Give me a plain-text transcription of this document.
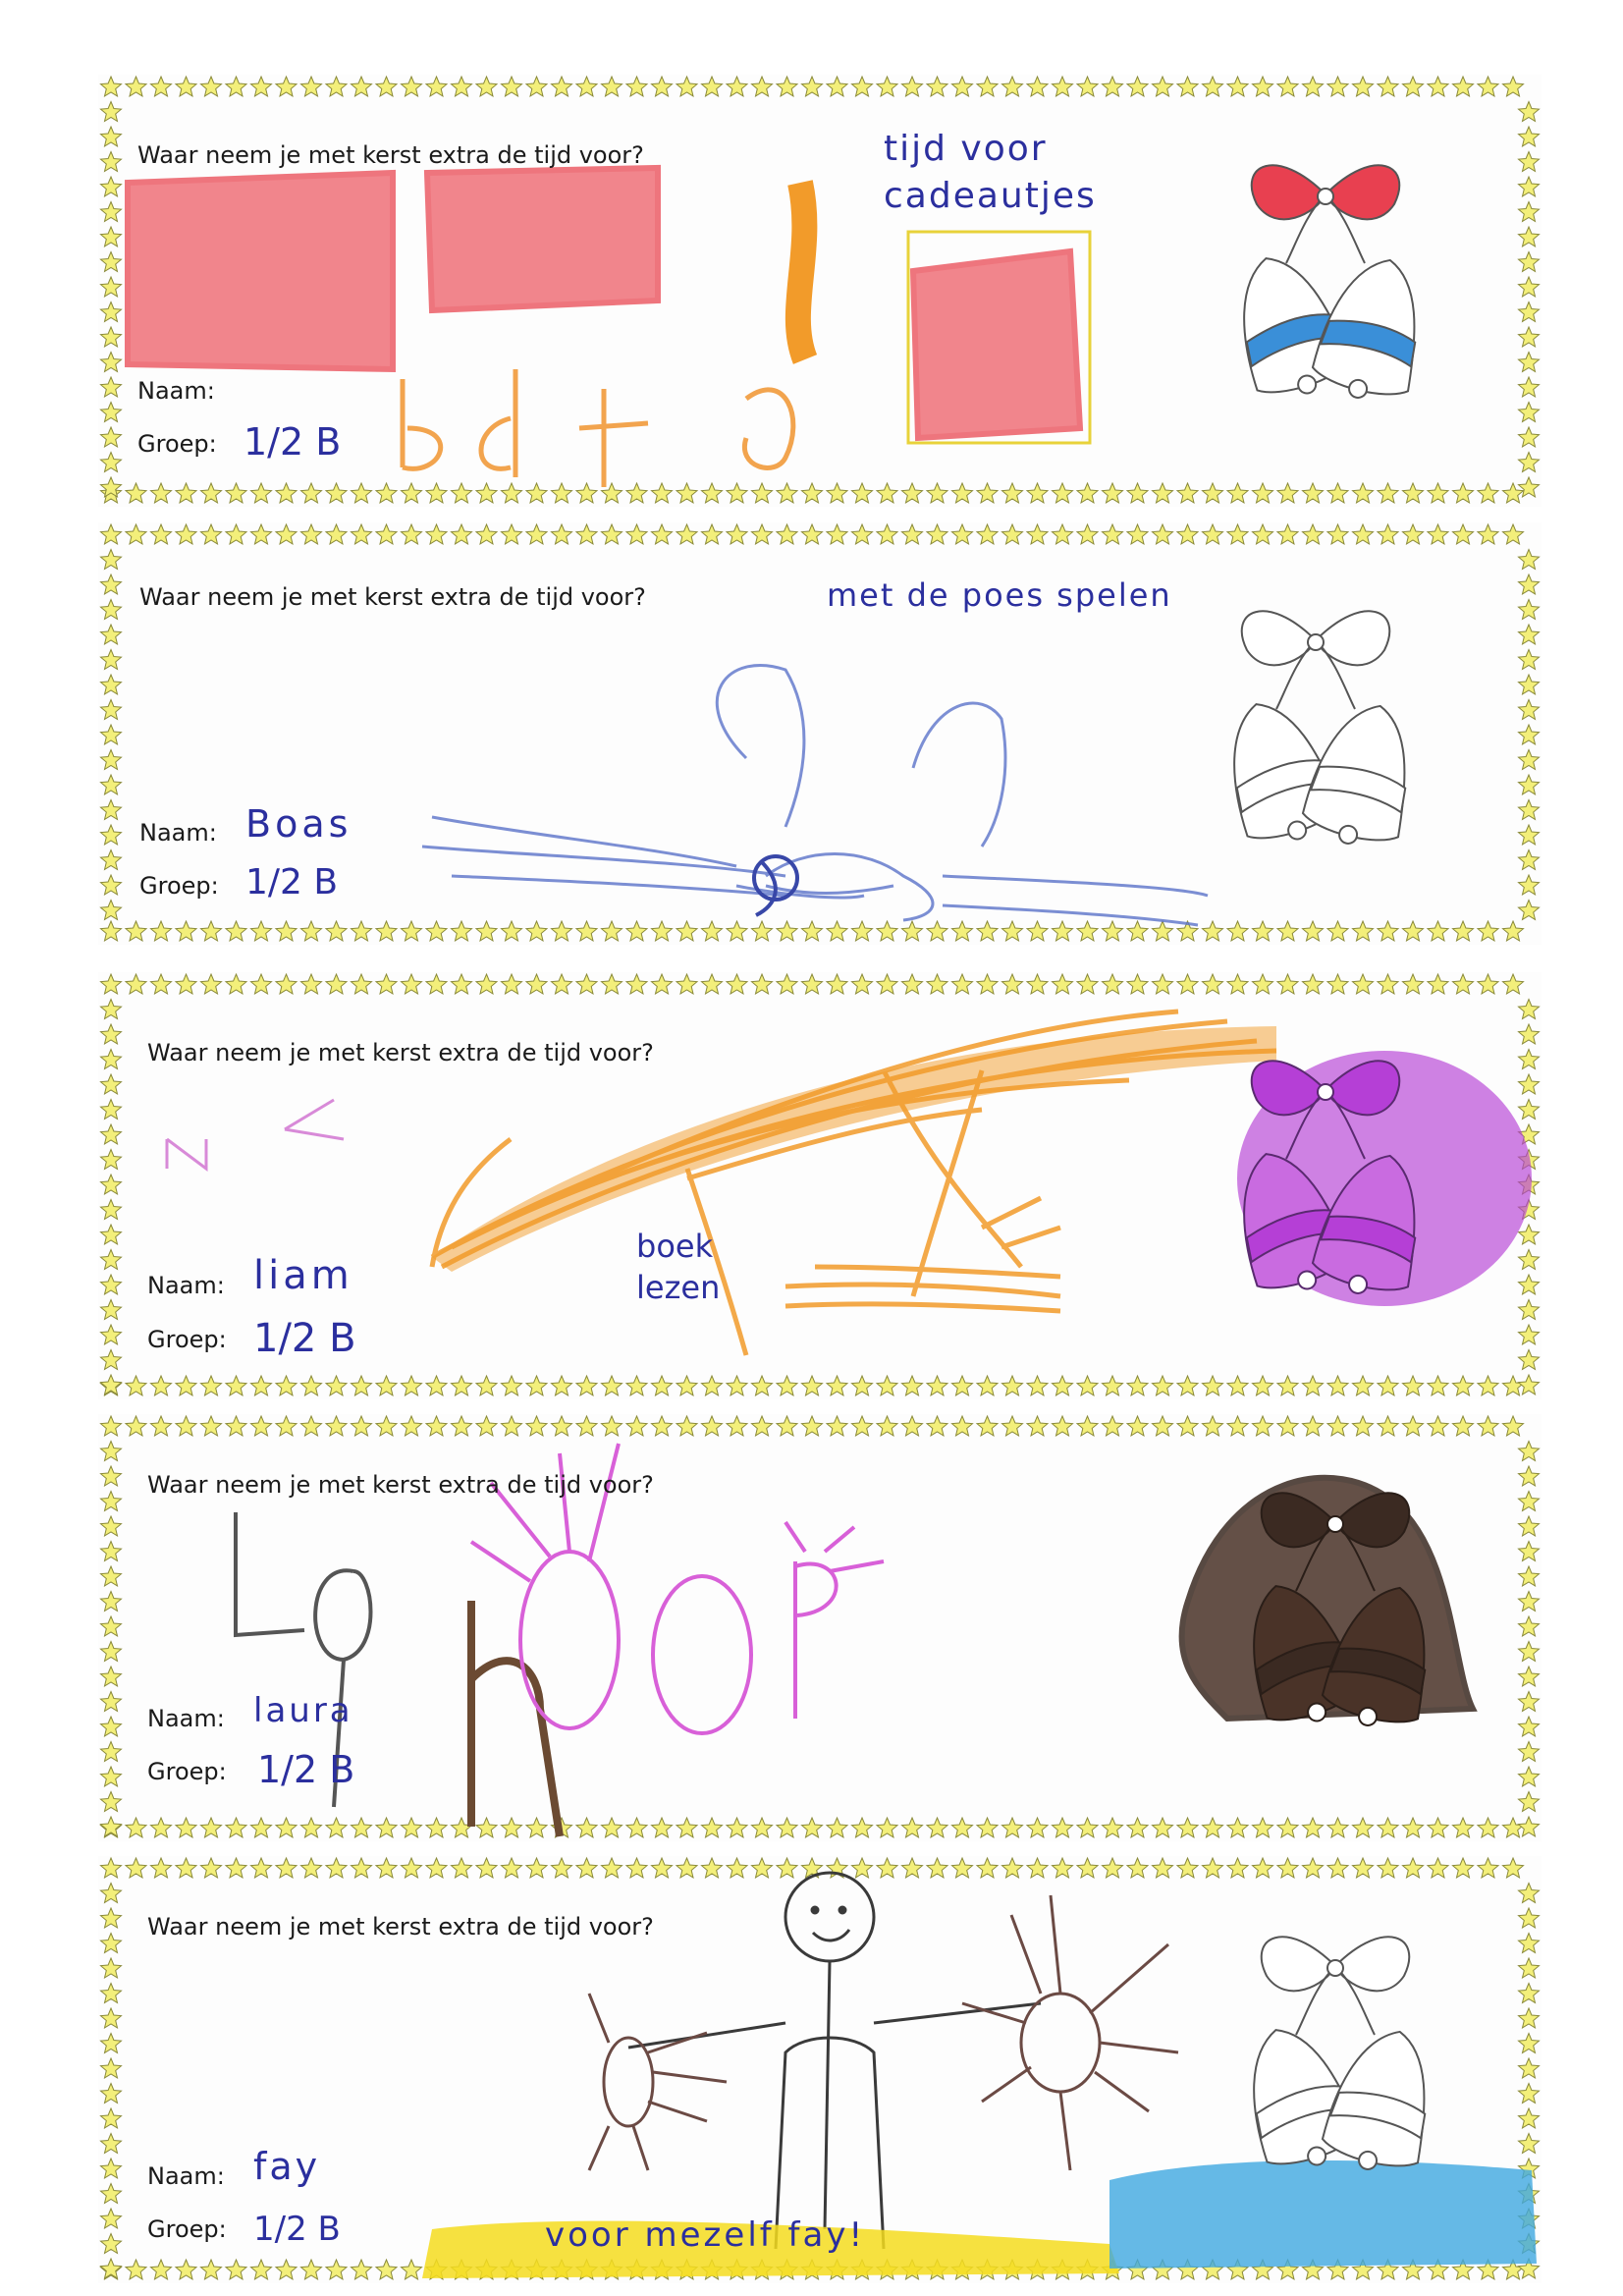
Waar neem je met kerst extra de tijd voor?
Naam:
Groep: 1/2 B
tijd voor cadeautjes
Waar neem je met kerst extra de tijd voor?
Naam: Boas
Groep: 1/2 B
met de poes spelen
Waar neem je met kerst extra de tijd voor?
Naam: liam
Groep: 1/2 B
boek lezen
Waar neem je met kerst extra de tijd voor?
Naam: laura
Groep: 1/2 B
Waar neem je met kerst extra de tijd voor?
Naam: fay
Groep: 1/2 B	voor mezelf fay!
